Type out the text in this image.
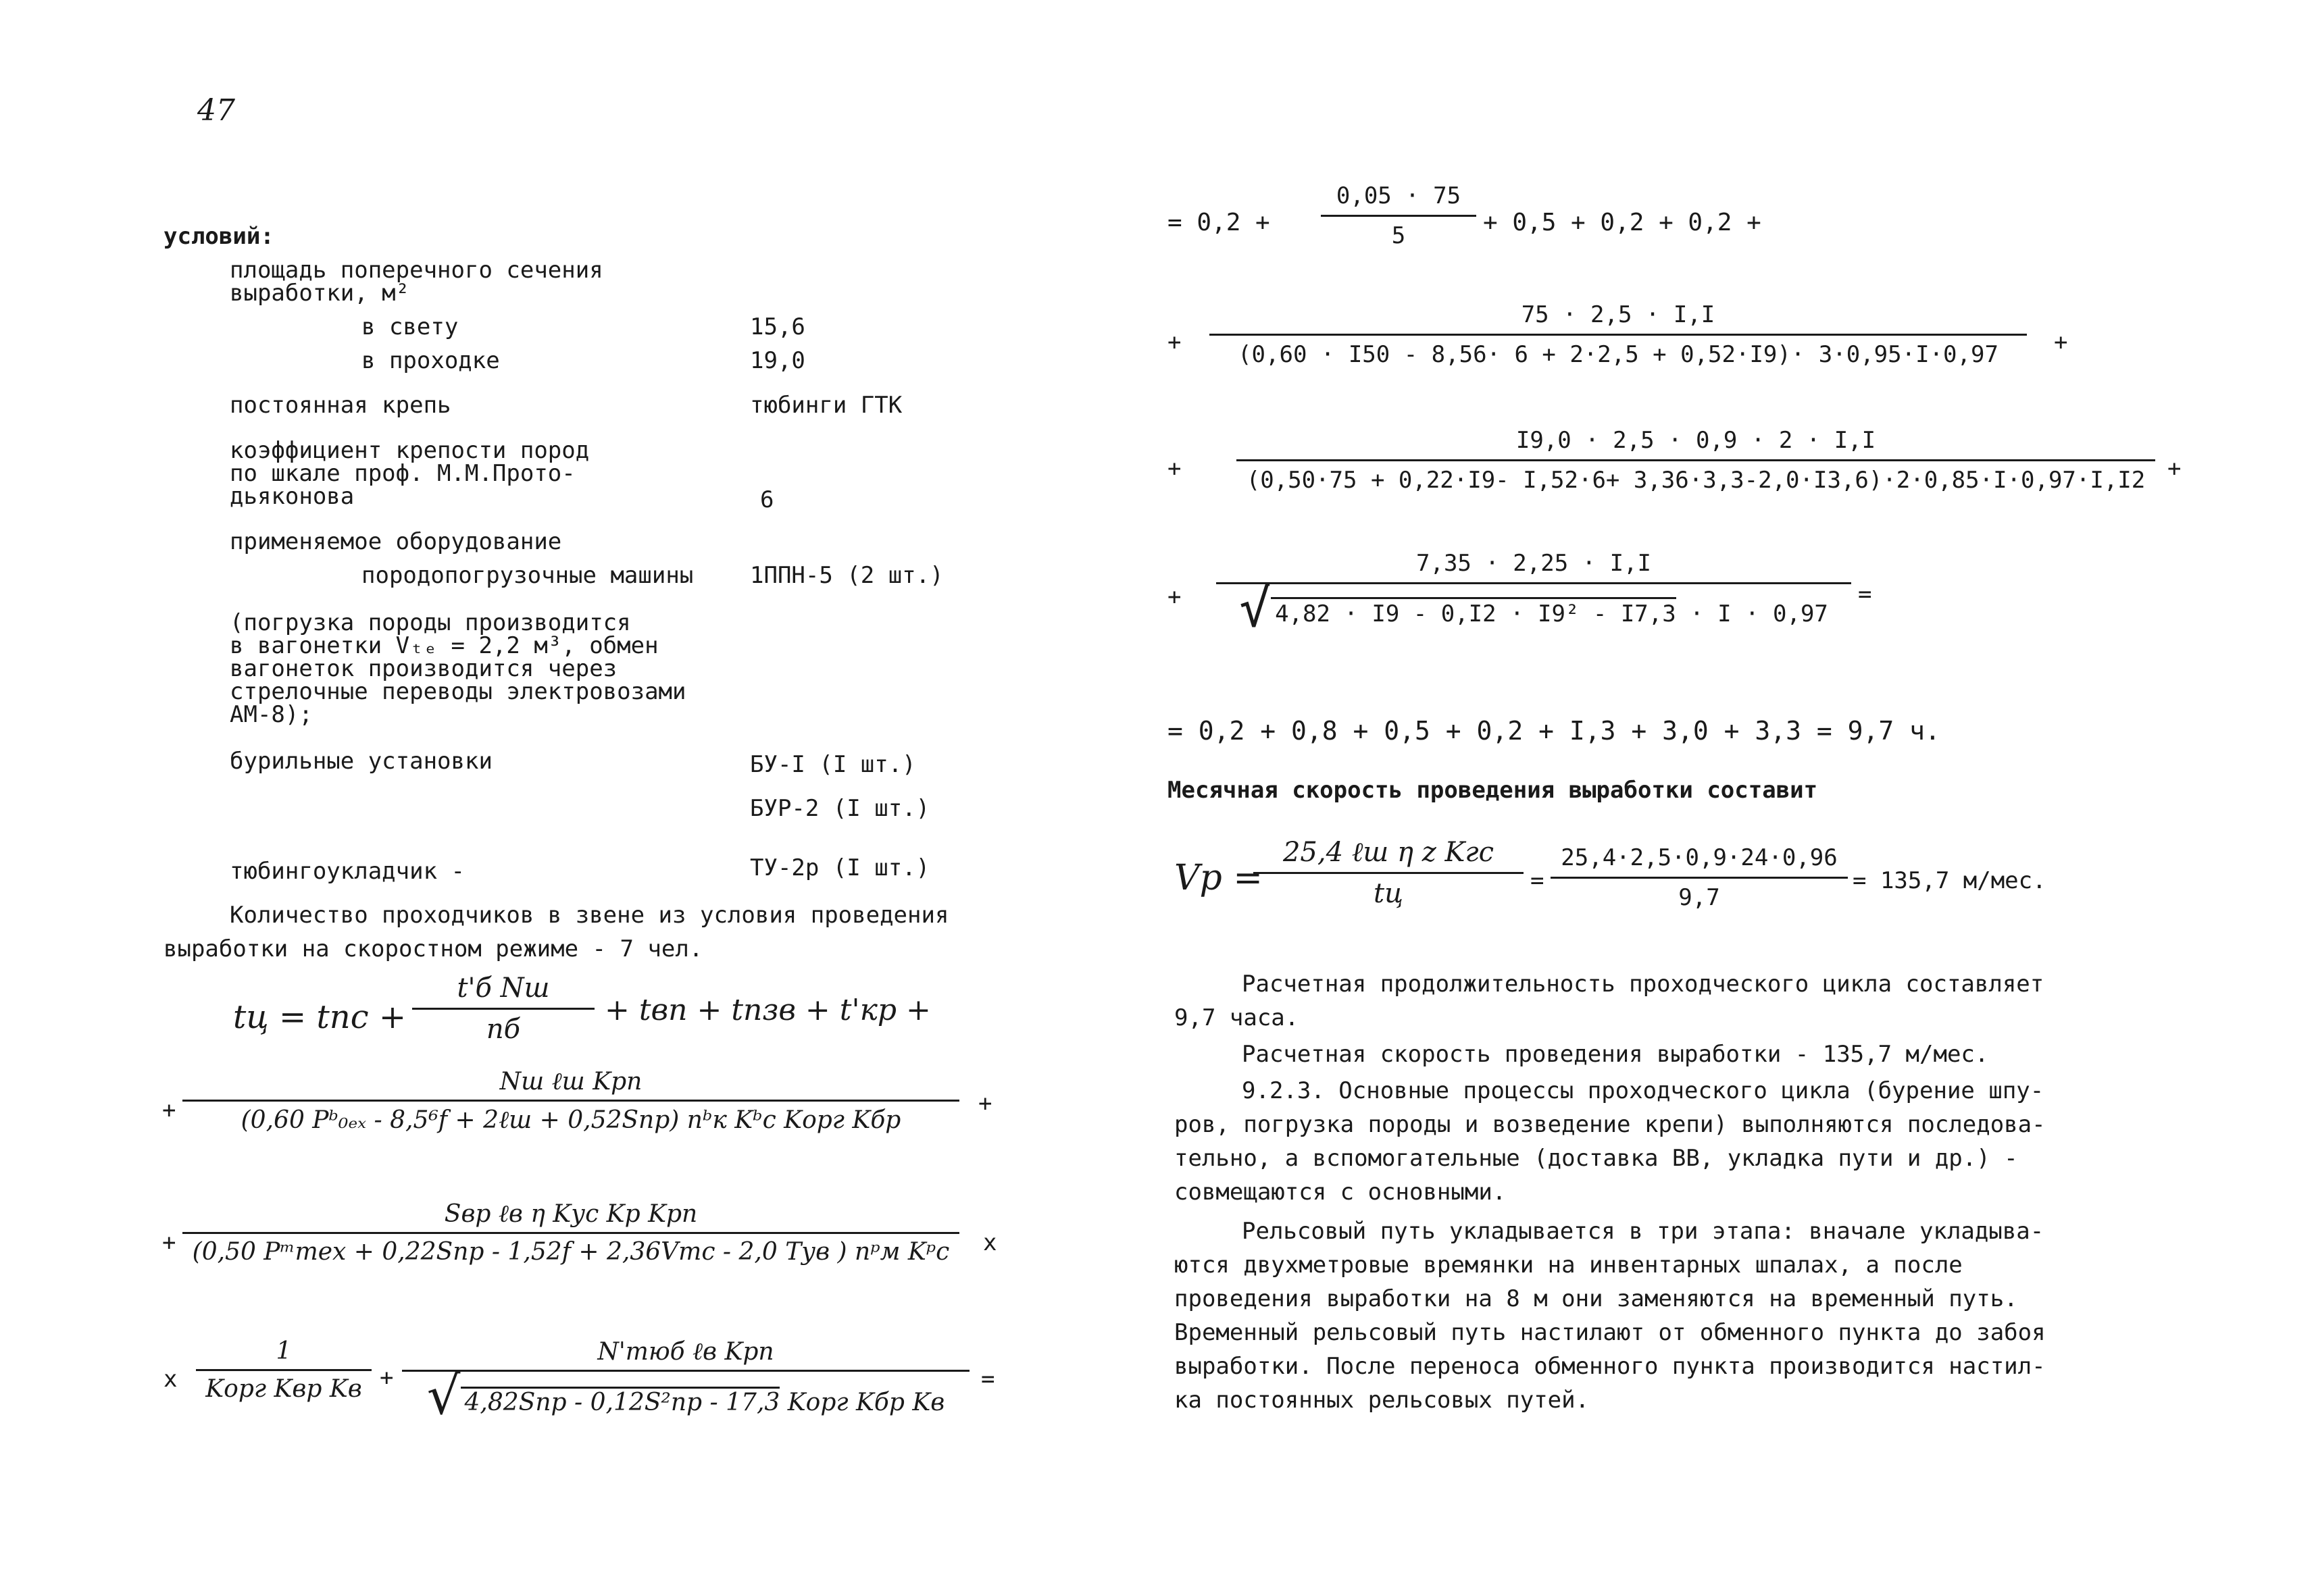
47
условий:
площадь поперечного сечения
выработки, м²
в свету	15,6
в проходке	19,0
постоянная крепь	тюбинги ГТК
коэффициент крепости пород
по шкале проф. М.М.Прото-
дьяконова	6
применяемое оборудование
породопогрузочные машины 1ППН-5 (2 шт.)
(погрузка породы производится
в вагонетки Vₜₑ = 2,2 м³, обмен
вагонеток производится через
стрелочные переводы электровозами
АМ-8);
бурильные установки	БУ-I (I шт.)
БУР-2 (I шт.)
тюбингоукладчик -	ТУ-2р (I шт.)
Количество проходчиков в звене из условия проведения
выработки на скоростном режиме - 7 чел.
tц = tпс +
t'б Nш
nб
+ tвп + tпзв + t'кр +
+
Nш ℓш Kрп
(0,60 Pᵇ₀ₑₓ - 8,5⁶f + 2ℓш + 0,52Sпр) nᵇк Kᵇc Kорг Kбр
+
+
Sвр ℓв η Kуc Kр Kрп
(0,50 Pᵐтех + 0,22Sпр - 1,52f + 2,36Vтc - 2,0 Tув ) nᵖм Kᵖc x
x
1
Kорг Kвр Kв +
N'тюб ℓв Kрп
√ 4,82Sпр - 0,12S²пр - 17,3 Kорг Kбр Kв
=
= 0,2 +
0,05 · 75
5	+ 0,5 + 0,2 + 0,2 +
+
75 · 2,5 · I,I
(0,60 · I50 - 8,56· 6 + 2·2,5 + 0,52·I9)· 3·0,95·I·0,97 +
+
I9,0 · 2,5 · 0,9 · 2 · I,I
(0,50·75 + 0,22·I9- I,52·6+ 3,36·3,3-2,0·I3,6)·2·0,85·I·0,97·I,I2 +
+
7,35 · 2,25 · I,I
√ 4,82 · I9 - 0,I2 · I9² - I7,3 · I · 0,97
=
= 0,2 + 0,8 + 0,5 + 0,2 + I,3 + 3,0 + 3,3 = 9,7 ч.
Месячная скорость проведения выработки составит
Vр =
25,4 ℓш η z Kгc
tц	=
25,4·2,5·0,9·24·0,96
9,7
= 135,7 м/мес.
Расчетная продолжительность проходческого цикла составляет
9,7 часа.
Расчетная скорость проведения выработки - 135,7 м/мес.
9.2.3. Основные процессы проходческого цикла (бурение шпу-
ров, погрузка породы и возведение крепи) выполняются последова-
тельно, а вспомогательные (доставка ВВ, укладка пути и др.) -
совмещаются с основными.
Рельсовый путь укладывается в три этапа: вначале укладыва-
ются двухметровые времянки на инвентарных шпалах, а после
проведения выработки на 8 м они заменяются на временный путь.
Временный рельсовый путь настилают от обменного пункта до забоя
выработки. После переноса обменного пункта производится настил-
ка постоянных рельсовых путей.
